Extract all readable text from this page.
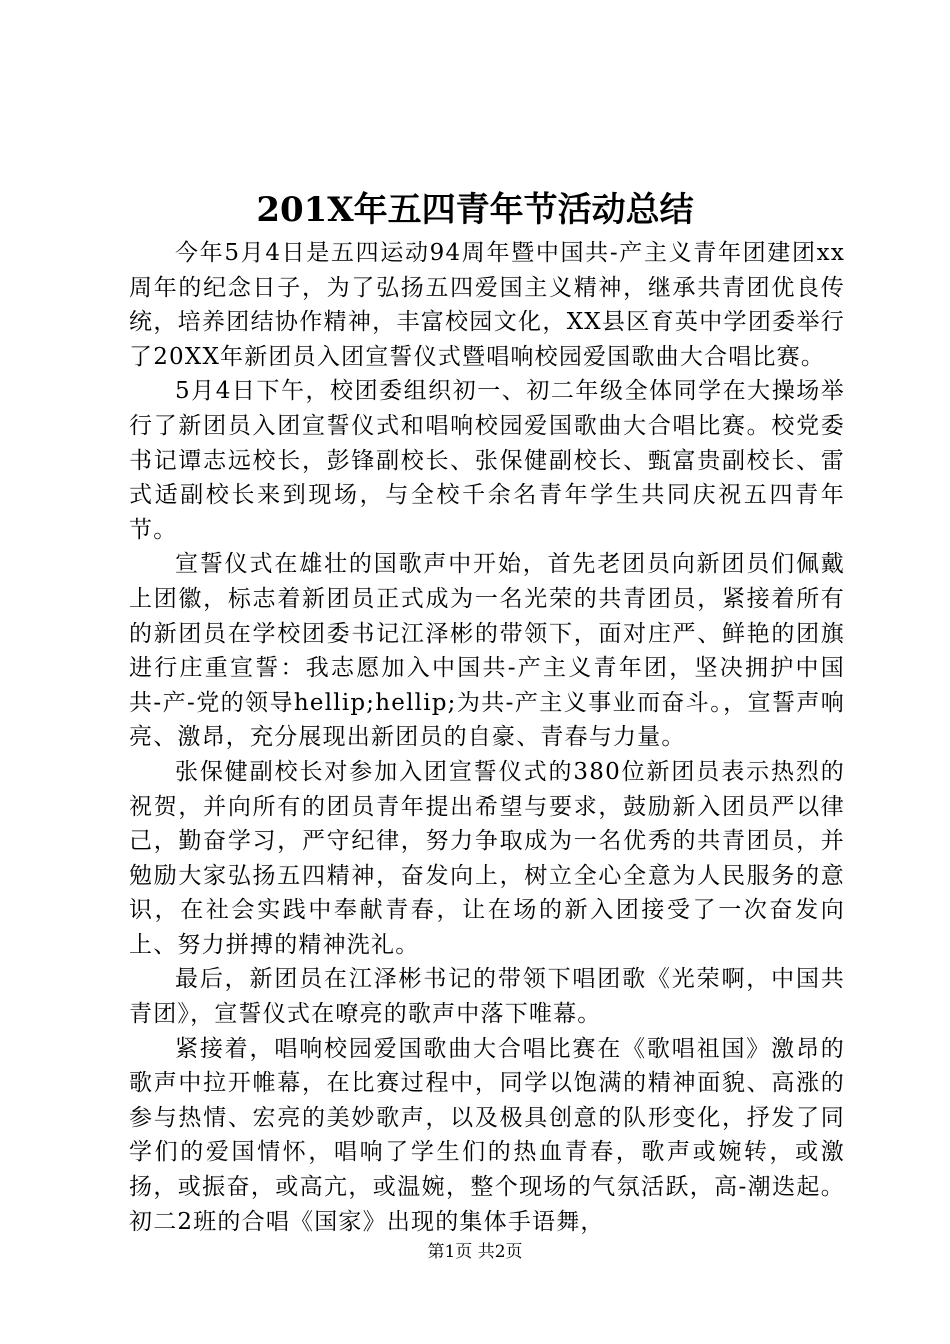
201X年五四青年节活动总结

今年5月4日是五四运动94周年暨中国共-产主义青年团建团xx周年的纪念日子，为了弘扬五四爱国主义精神，继承共青团优良传统，培养团结协作精神，丰富校园文化，XX县区育英中学团委举行了20XX年新团员入团宣誓仪式暨唱响校园爱国歌曲大合唱比赛。

5月4日下午，校团委组织初一、初二年级全体同学在大操场举行了新团员入团宣誓仪式和唱响校园爱国歌曲大合唱比赛。校党委书记谭志远校长，彭锋副校长、张保健副校长、甄富贵副校长、雷式适副校长来到现场，与全校千余名青年学生共同庆祝五四青年节。

宣誓仪式在雄壮的国歌声中开始，首先老团员向新团员们佩戴上团徽，标志着新团员正式成为一名光荣的共青团员，紧接着所有的新团员在学校团委书记江泽彬的带领下，面对庄严、鲜艳的团旗进行庄重宣誓：我志愿加入中国共-产主义青年团，坚决拥护中国共-产-党的领导hellip;hellip;为共-产主义事业而奋斗。，宣誓声响亮、激昂，充分展现出新团员的自豪、青春与力量。

张保健副校长对参加入团宣誓仪式的380位新团员表示热烈的祝贺，并向所有的团员青年提出希望与要求，鼓励新入团员严以律己，勤奋学习，严守纪律，努力争取成为一名优秀的共青团员，并勉励大家弘扬五四精神，奋发向上，树立全心全意为人民服务的意识，在社会实践中奉献青春，让在场的新入团接受了一次奋发向上、努力拼搏的精神洗礼。

最后，新团员在江泽彬书记的带领下唱团歌《光荣啊，中国共青团》，宣誓仪式在嘹亮的歌声中落下唯幕。

紧接着，唱响校园爱国歌曲大合唱比赛在《歌唱祖国》激昂的歌声中拉开帷幕，在比赛过程中，同学以饱满的精神面貌、高涨的参与热情、宏亮的美妙歌声，以及极具创意的队形变化，抒发了同学们的爱国情怀，唱响了学生们的热血青春，歌声或婉转，或激扬，或振奋，或高亢，或温婉，整个现场的气氛活跃，高-潮迭起。初二2班的合唱《国家》出现的集体手语舞，

第1页 共2页
